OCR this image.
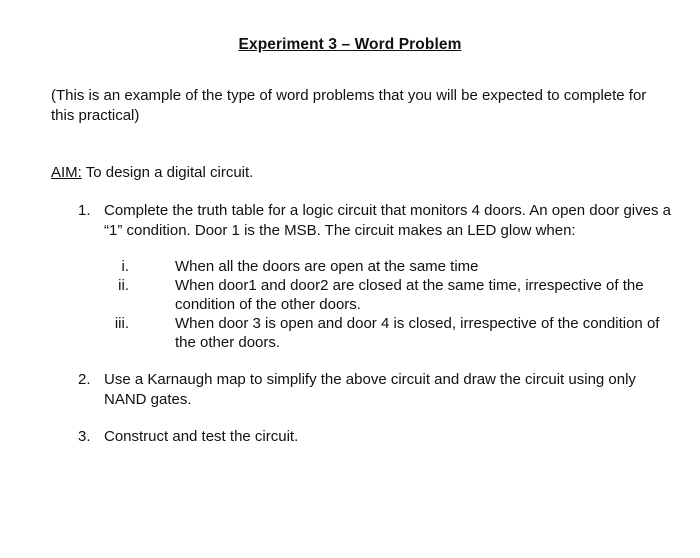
Experiment 3 – Word Problem
(This is an example of the type of word problems that you will be expected to complete for this practical)
AIM: To design a digital circuit.
1. Complete the truth table for a logic circuit that monitors 4 doors. An open door gives a “1” condition. Door 1 is the MSB. The circuit makes an LED glow when:
i.	When all the doors are open at the same time
ii.	When door1 and door2 are closed at the same time, irrespective of the condition of the other doors.
iii.	When door 3 is open and door 4 is closed, irrespective of the condition of the other doors.
2. Use a Karnaugh map to simplify the above circuit and draw the circuit using only NAND gates.
3. Construct and test the circuit.
